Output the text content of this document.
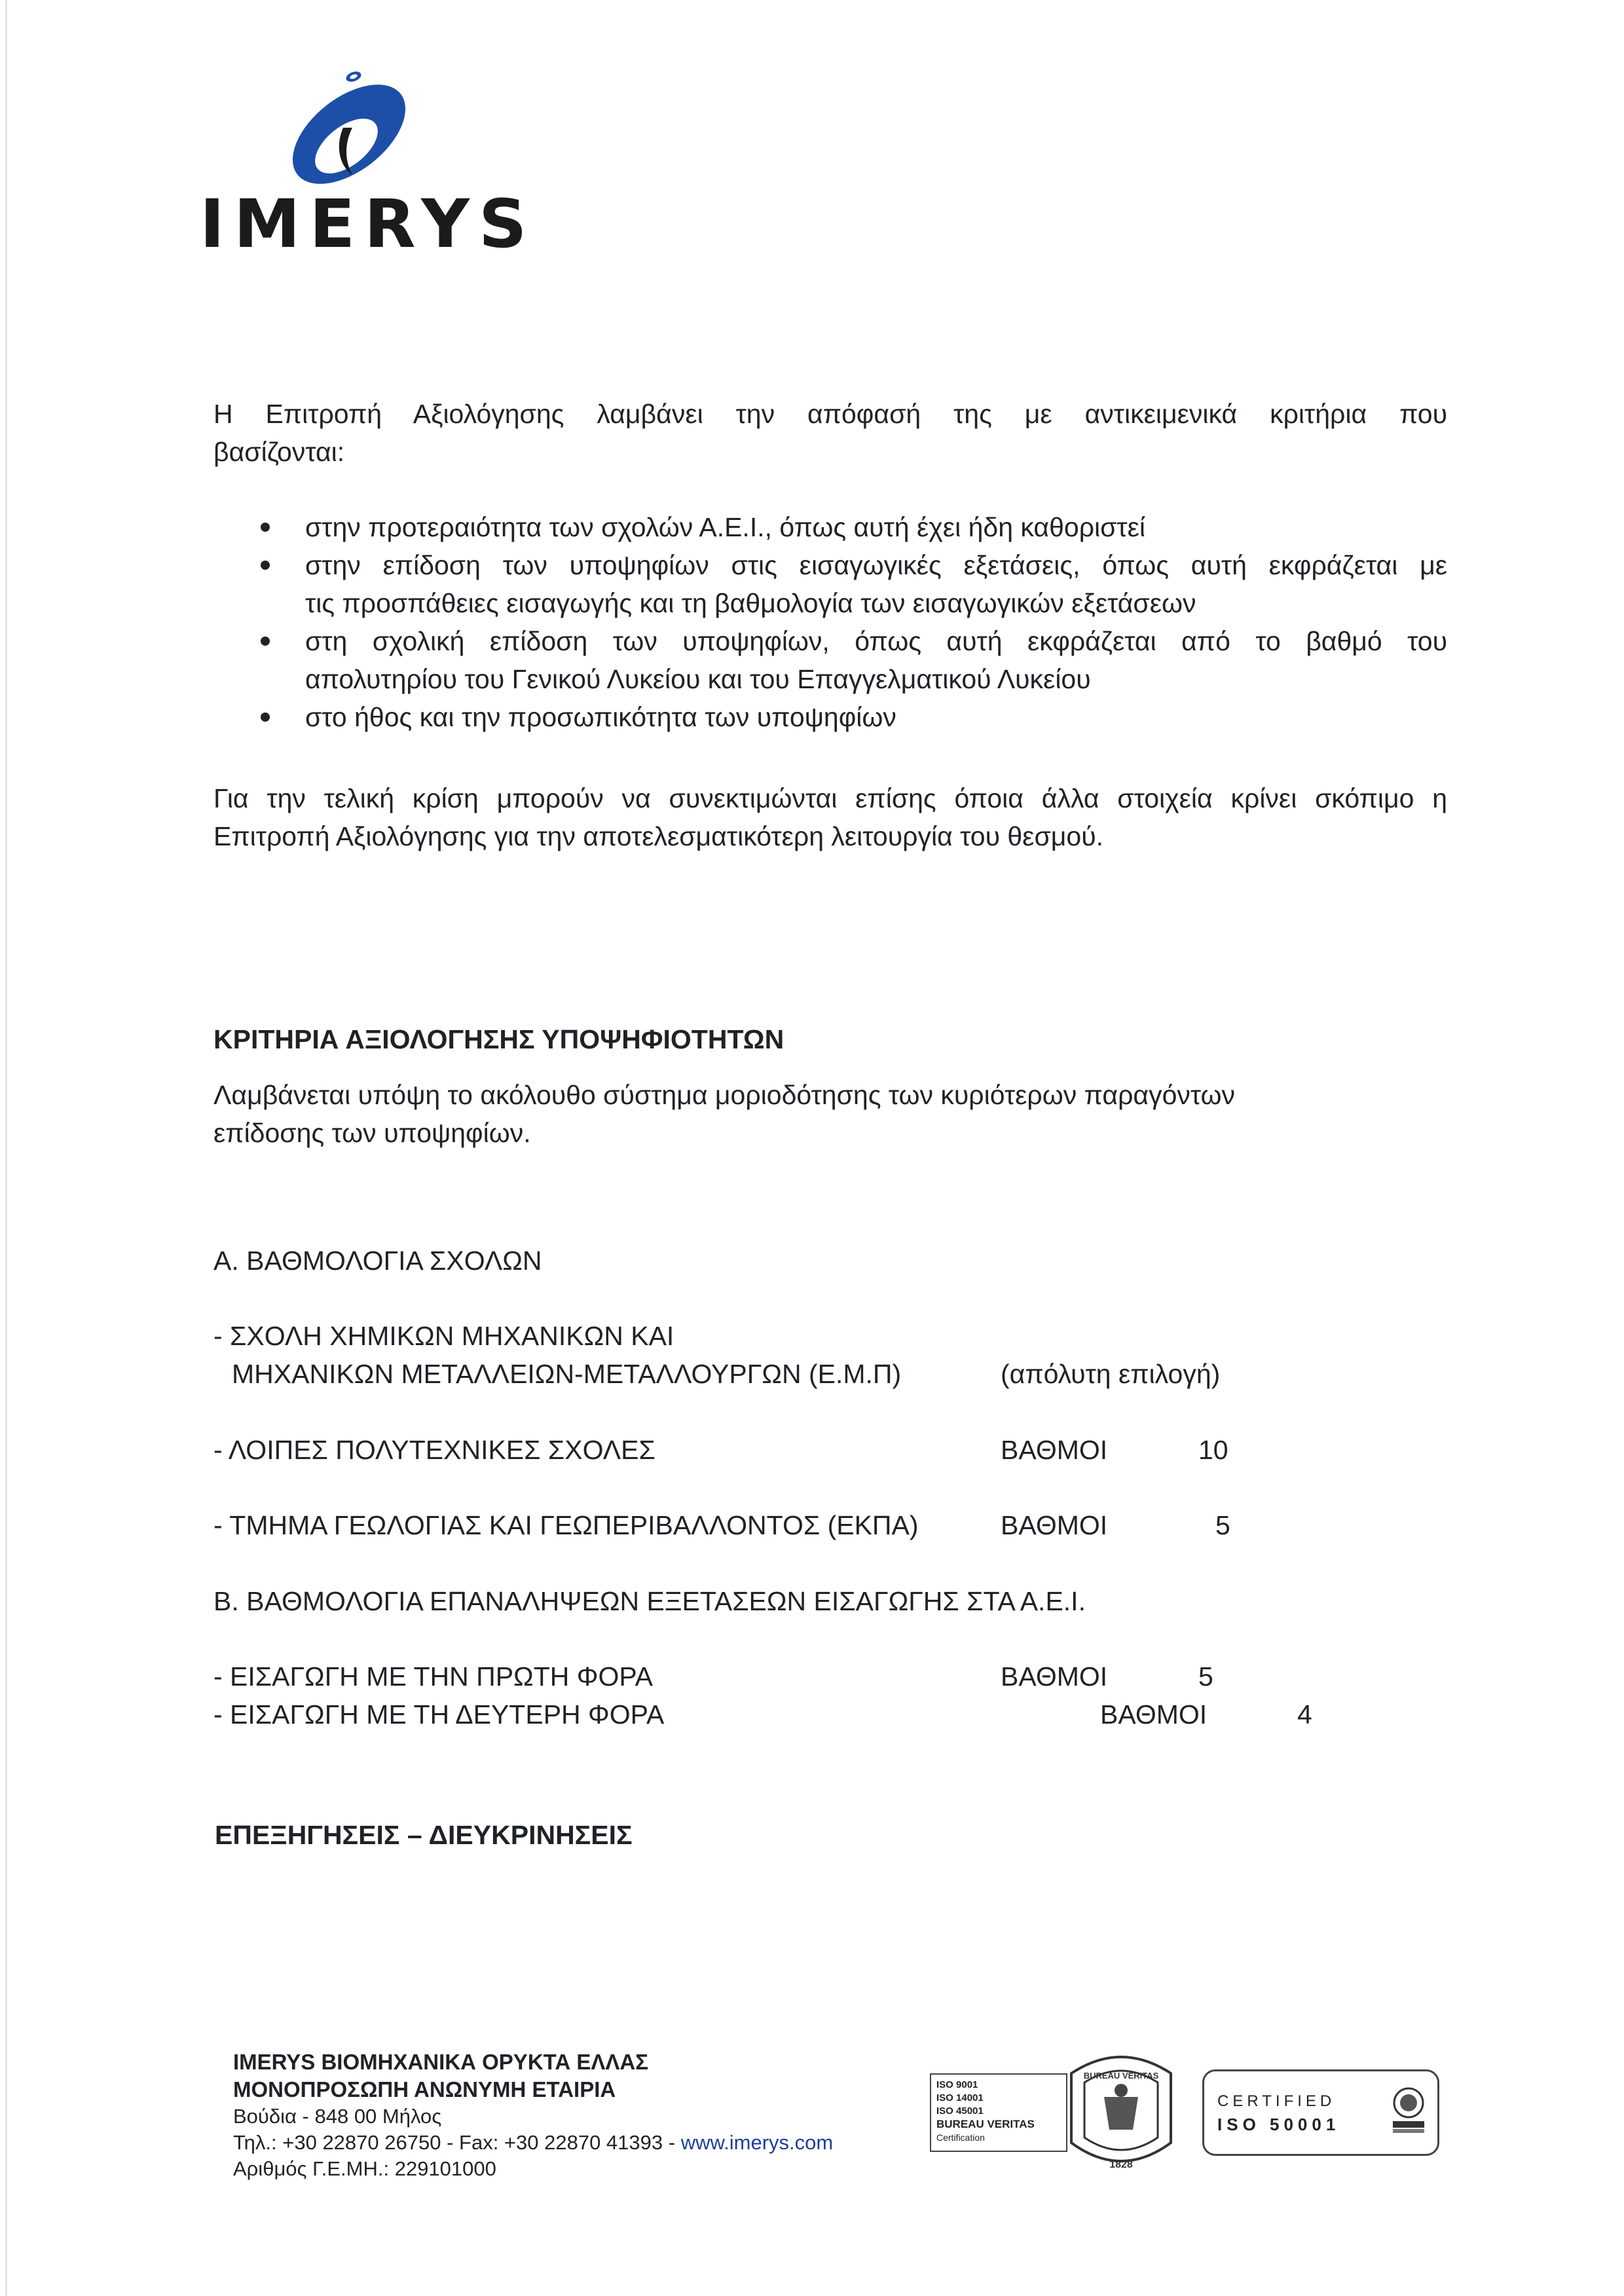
IMERYS
Η Επιτροπή Αξιολόγησης λαμβάνει την απόφασή της με αντικειμενικά κριτήρια που
βασίζονται:
στην προτεραιότητα των σχολών Α.Ε.Ι., όπως αυτή έχει ήδη καθοριστεί
στην επίδοση των υποψηφίων στις εισαγωγικές εξετάσεις, όπως αυτή εκφράζεται με
τις προσπάθειες εισαγωγής και τη βαθμολογία των εισαγωγικών εξετάσεων
στη σχολική επίδοση των υποψηφίων, όπως αυτή εκφράζεται από το βαθμό του
απολυτηρίου του Γενικού Λυκείου και του Επαγγελματικού Λυκείου
στο ήθος και την προσωπικότητα των υποψηφίων
Για την τελική κρίση μπορούν να συνεκτιμώνται επίσης όποια άλλα στοιχεία κρίνει σκόπιμο η
Επιτροπή Αξιολόγησης για την αποτελεσματικότερη λειτουργία του θεσμού.
ΚΡΙΤΗΡΙΑ ΑΞΙΟΛΟΓΗΣΗΣ ΥΠΟΨΗΦΙΟΤΗΤΩΝ
Λαμβάνεται υπόψη το ακόλουθο σύστημα μοριοδότησης των κυριότερων παραγόντων
επίδοσης των υποψηφίων.
Α. ΒΑΘΜΟΛΟΓΙΑ ΣΧΟΛΩΝ
- ΣΧΟΛΗ ΧΗΜΙΚΩΝ ΜΗΧΑΝΙΚΩΝ ΚΑΙ
ΜΗΧΑΝΙΚΩΝ ΜΕΤΑΛΛΕΙΩΝ-ΜΕΤΑΛΛΟΥΡΓΩΝ (Ε.Μ.Π)	(απόλυτη επιλογή)
- ΛΟΙΠΕΣ ΠΟΛΥΤΕΧΝΙΚΕΣ ΣΧΟΛΕΣ	ΒΑΘΜΟΙ	10
- ΤΜΗΜΑ ΓΕΩΛΟΓΙΑΣ ΚΑΙ ΓΕΩΠΕΡΙΒΑΛΛΟΝΤΟΣ (ΕΚΠΑ)	ΒΑΘΜΟΙ	5
Β. ΒΑΘΜΟΛΟΓΙΑ ΕΠΑΝΑΛΗΨΕΩΝ ΕΞΕΤΑΣΕΩΝ ΕΙΣΑΓΩΓΗΣ ΣΤΑ Α.Ε.Ι.
- ΕΙΣΑΓΩΓΗ ΜΕ ΤΗΝ ΠΡΩΤΗ ΦΟΡΑ	ΒΑΘΜΟΙ	5
- ΕΙΣΑΓΩΓΗ ΜΕ ΤΗ ΔΕΥΤΕΡΗ ΦΟΡΑ	ΒΑΘΜΟΙ	4
ΕΠΕΞΗΓΗΣΕΙΣ – ΔΙΕΥΚΡΙΝΗΣΕΙΣ
IMERYS ΒΙΟΜΗΧΑΝΙΚΑ ΟΡΥΚΤΑ ΕΛΛΑΣ
ΜΟΝΟΠΡΟΣΩΠΗ ΑΝΩΝΥΜΗ ΕΤΑΙΡΙΑ
Βούδια - 848 00 Μήλος
Τηλ.: +30 22870 26750 - Fax: +30 22870 41393 - www.imerys.com
Αριθμός Γ.Ε.ΜΗ.: 229101000
ISO 9001
ISO 14001
ISO 45001
BUREAU VERITAS
Certification
BUREAU VERITAS
1828
CERTIFIED
ISO 50001
